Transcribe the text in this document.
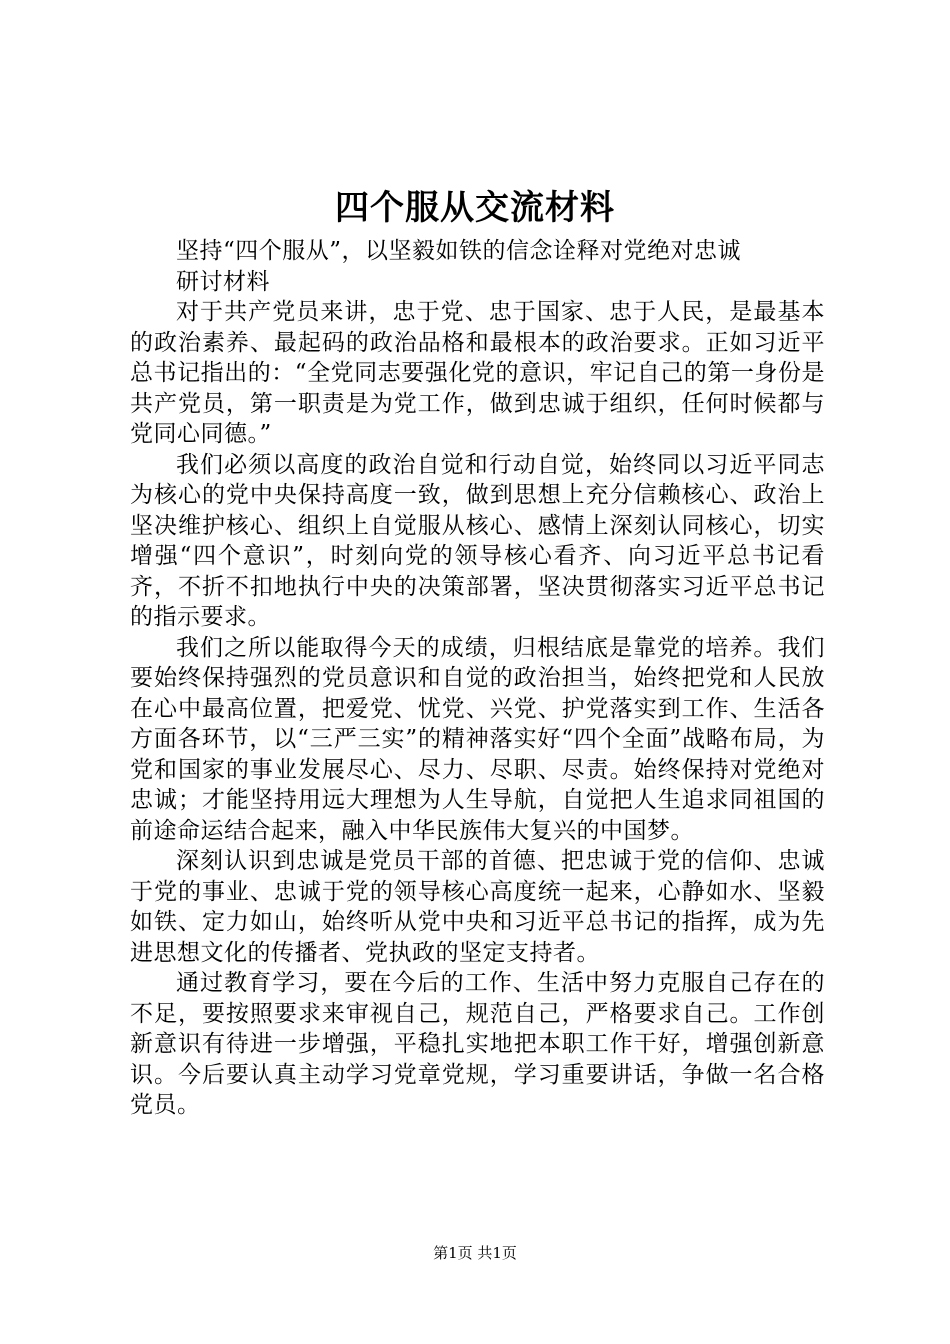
四个服从交流材料

坚持“四个服从”，以坚毅如铁的信念诠释对党绝对忠诚

研讨材料

对于共产党员来讲，忠于党、忠于国家、忠于人民，是最基本的政治素养、最起码的政治品格和最根本的政治要求。正如习近平总书记指出的：“全党同志要强化党的意识，牢记自己的第一身份是共产党员，第一职责是为党工作，做到忠诚于组织，任何时候都与党同心同德。”

我们必须以高度的政治自觉和行动自觉，始终同以习近平同志为核心的党中央保持高度一致，做到思想上充分信赖核心、政治上坚决维护核心、组织上自觉服从核心、感情上深刻认同核心，切实增强“四个意识”，时刻向党的领导核心看齐、向习近平总书记看齐，不折不扣地执行中央的决策部署，坚决贯彻落实习近平总书记的指示要求。

我们之所以能取得今天的成绩，归根结底是靠党的培养。我们要始终保持强烈的党员意识和自觉的政治担当，始终把党和人民放在心中最高位置，把爱党、忧党、兴党、护党落实到工作、生活各方面各环节，以“三严三实”的精神落实好“四个全面”战略布局，为党和国家的事业发展尽心、尽力、尽职、尽责。始终保持对党绝对忠诚；才能坚持用远大理想为人生导航，自觉把人生追求同祖国的前途命运结合起来，融入中华民族伟大复兴的中国梦。

深刻认识到忠诚是党员干部的首德、把忠诚于党的信仰、忠诚于党的事业、忠诚于党的领导核心高度统一起来，心静如水、坚毅如铁、定力如山，始终听从党中央和习近平总书记的指挥，成为先进思想文化的传播者、党执政的坚定支持者。

通过教育学习，要在今后的工作、生活中努力克服自己存在的不足，要按照要求来审视自己，规范自己，严格要求自己。工作创新意识有待进一步增强，平稳扎实地把本职工作干好，增强创新意识。今后要认真主动学习党章党规，学习重要讲话，争做一名合格党员。

第1页 共1页
